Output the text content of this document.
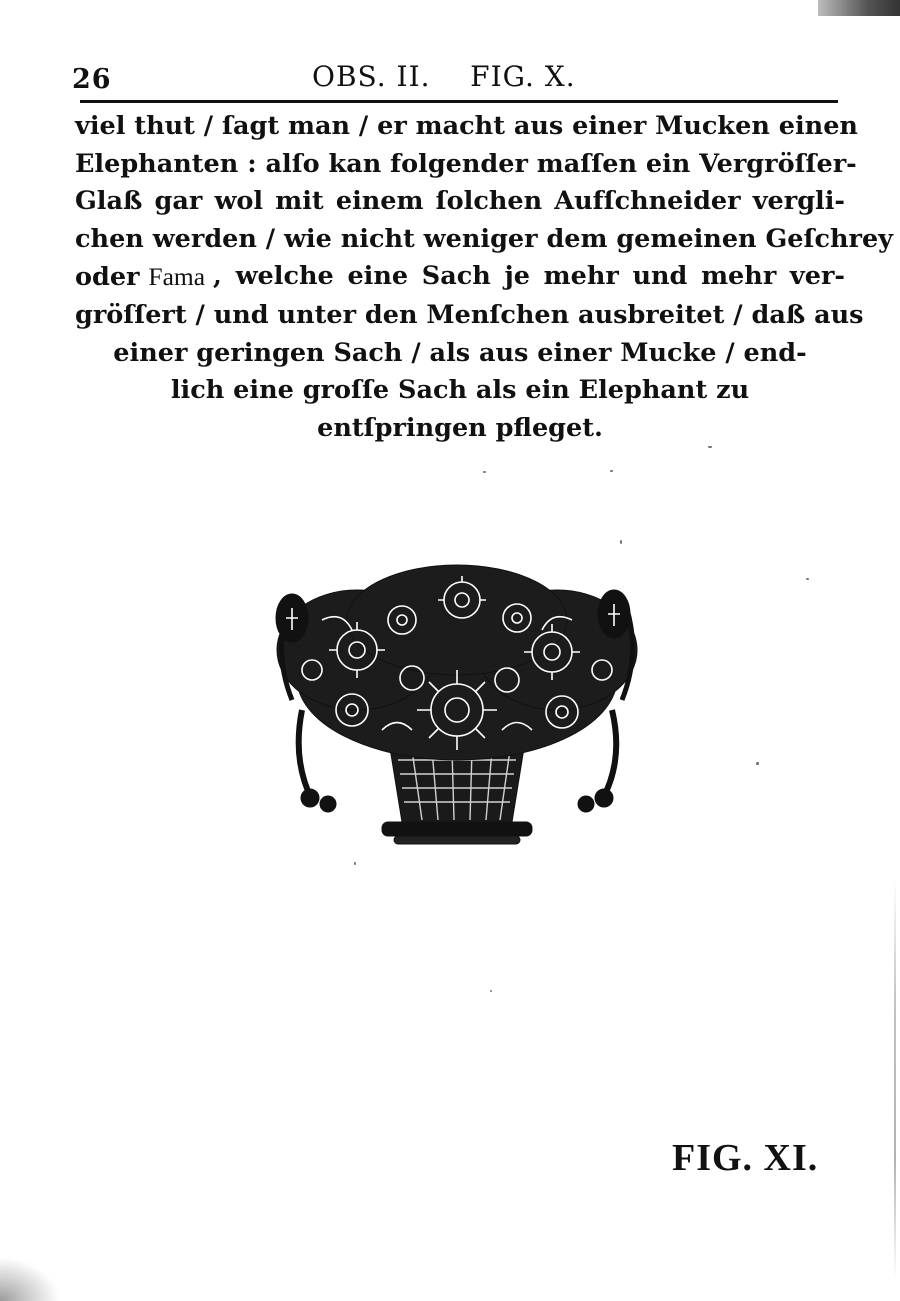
26	OBS. II.    FIG. X.
viel thut / ſagt man / er macht aus einer Mucken einen
Elephanten : alſo kan folgender maſſen ein Vergröſſer-
Glaß gar wol mit einem ſolchen Aufſchneider vergli-
chen werden / wie nicht weniger dem gemeinen Geſchrey
oder Fama , welche eine Sach je mehr und mehr ver-
gröſſert / und unter den Menſchen ausbreitet / daß aus
einer geringen Sach / als aus einer Mucke / end-
lich eine groſſe Sach als ein Elephant zu
entſpringen pfleget.
FIG. XI.
